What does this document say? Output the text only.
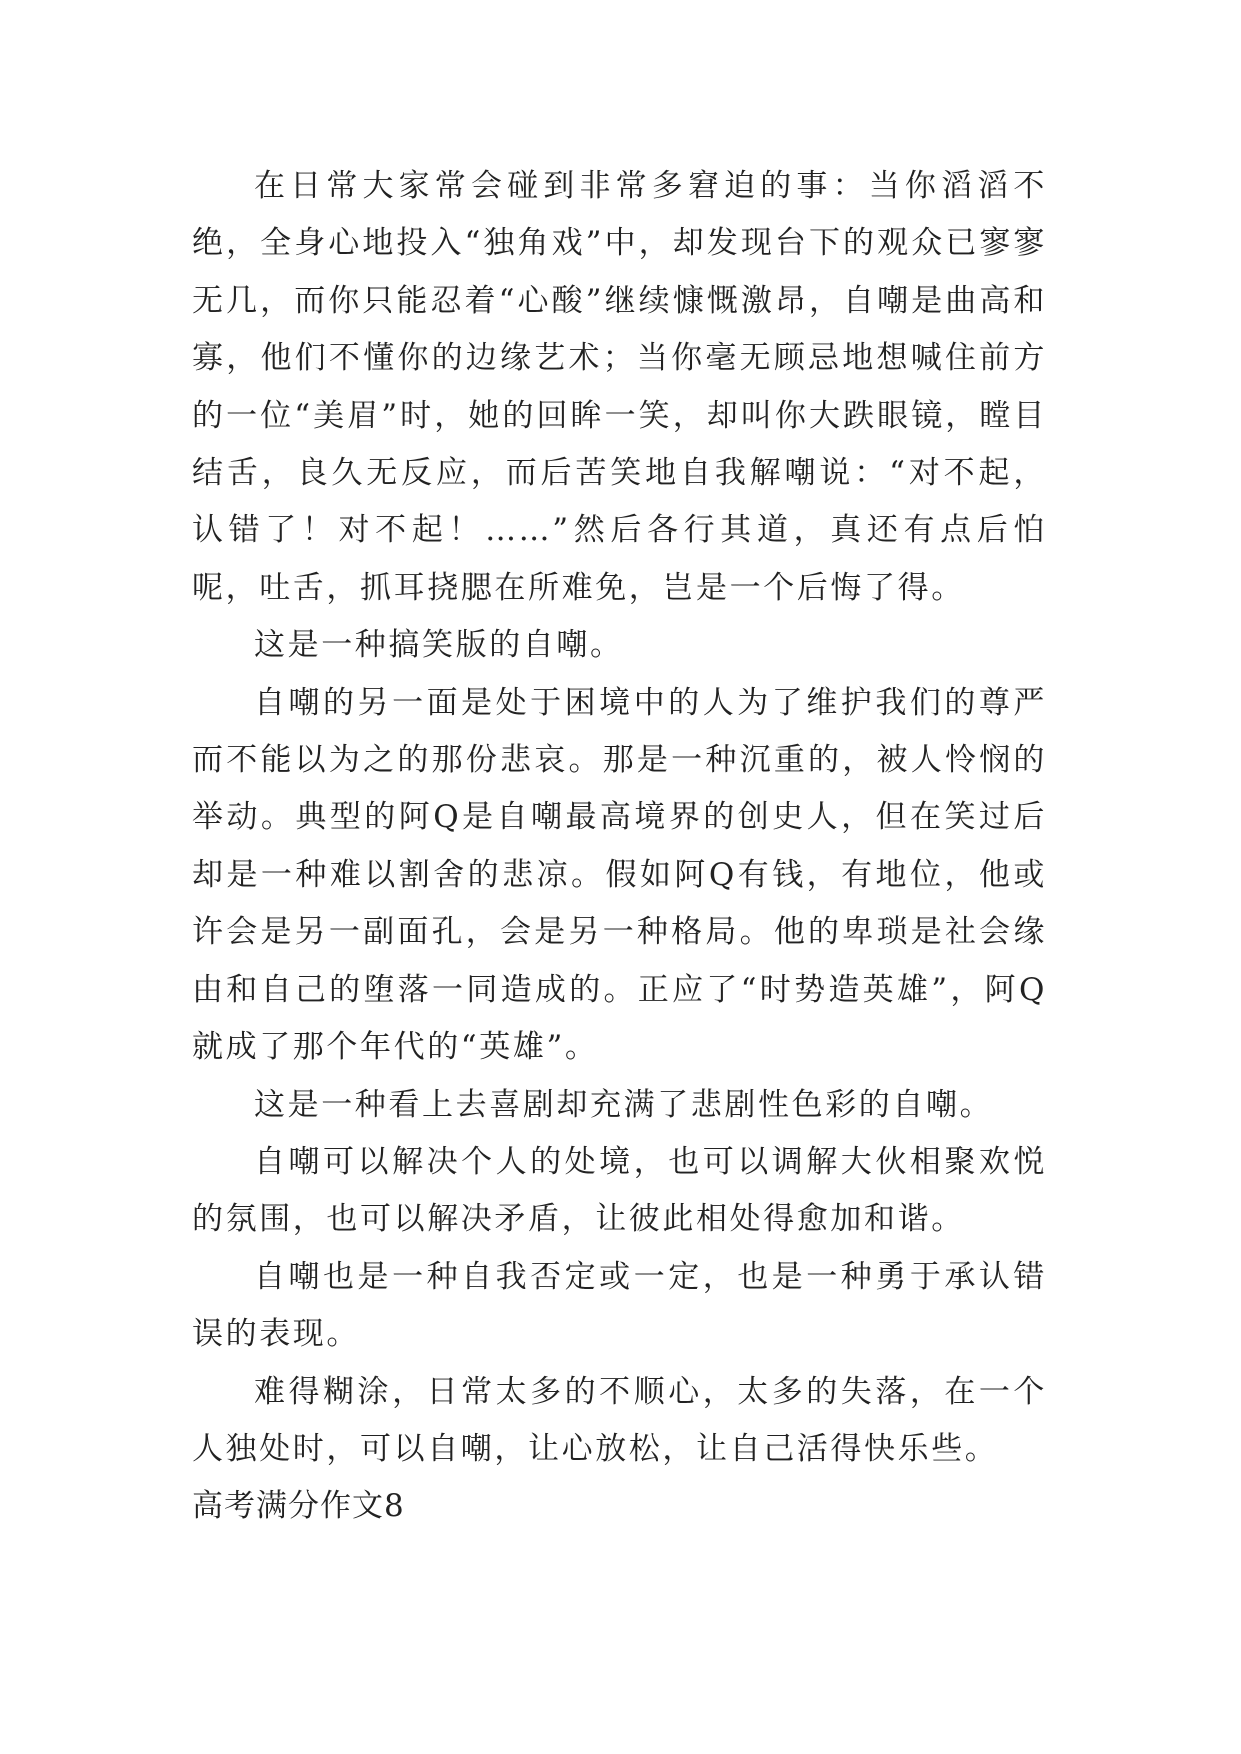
在日常大家常会碰到非常多窘迫的事：当你滔滔不绝，全身心地投入“独角戏”中，却发现台下的观众已寥寥无几，而你只能忍着“心酸”继续慷慨激昂，自嘲是曲高和寡，他们不懂你的边缘艺术；当你毫无顾忌地想喊住前方的一位“美眉”时，她的回眸一笑，却叫你大跌眼镜，瞠目结舌，良久无反应，而后苦笑地自我解嘲说：“对不起，认错了！对不起！……”然后各行其道，真还有点后怕呢，吐舌，抓耳挠腮在所难免，岂是一个后悔了得。

这是一种搞笑版的自嘲。

自嘲的另一面是处于困境中的人为了维护我们的尊严而不能以为之的那份悲哀。那是一种沉重的，被人怜悯的举动。典型的阿Q是自嘲最高境界的创史人，但在笑过后却是一种难以割舍的悲凉。假如阿Q有钱，有地位，他或许会是另一副面孔，会是另一种格局。他的卑琐是社会缘由和自己的堕落一同造成的。正应了“时势造英雄”，阿Q就成了那个年代的“英雄”。

这是一种看上去喜剧却充满了悲剧性色彩的自嘲。

自嘲可以解决个人的处境，也可以调解大伙相聚欢悦的氛围，也可以解决矛盾，让彼此相处得愈加和谐。

自嘲也是一种自我否定或一定，也是一种勇于承认错误的表现。

难得糊涂，日常太多的不顺心，太多的失落，在一个人独处时，可以自嘲，让心放松，让自己活得快乐些。

高考满分作文8
